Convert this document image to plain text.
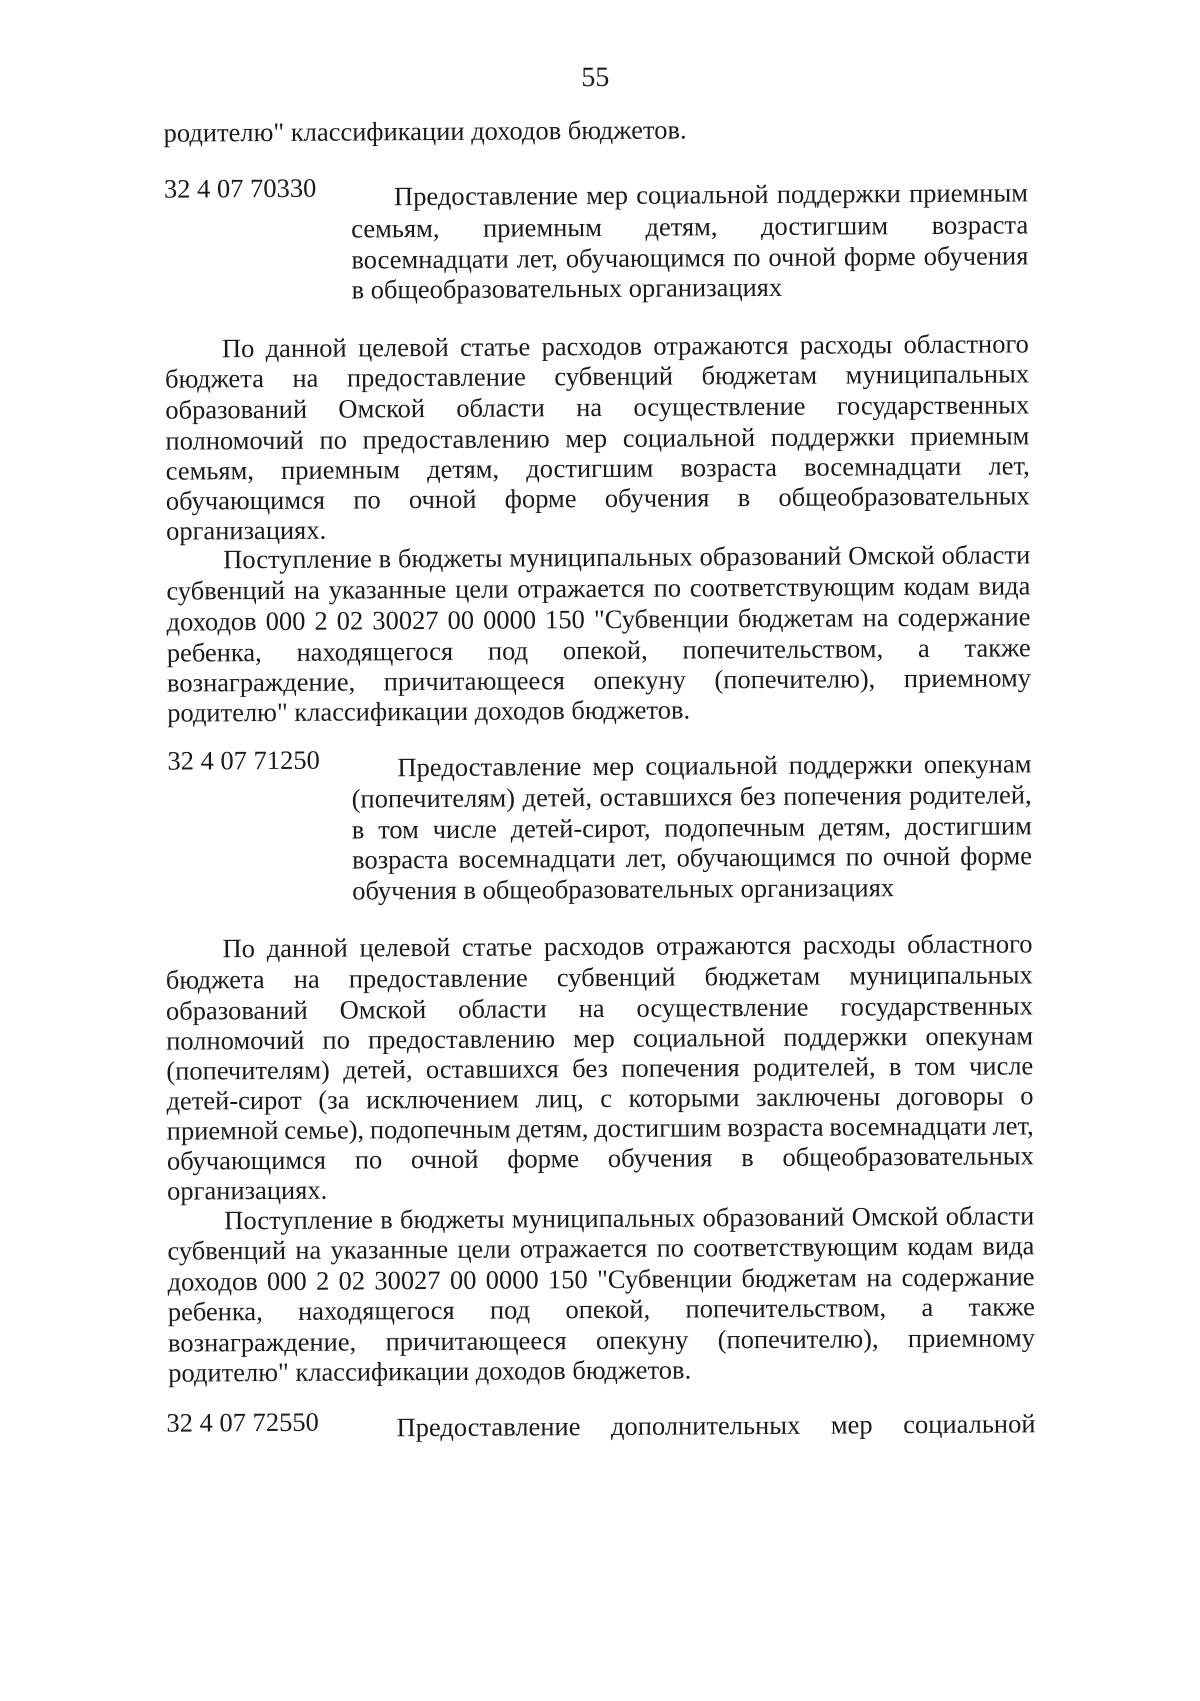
55
родителю" классификации доходов бюджетов.
32 4 07 70330	Предоставление мер социальной поддержки приемным
семьям, приемным детям, достигшим возраста
восемнадцати лет, обучающимся по очной форме обучения
в общеобразовательных организациях
По данной целевой статье расходов отражаются расходы областного
бюджета на предоставление субвенций бюджетам муниципальных
образований Омской области на осуществление государственных
полномочий по предоставлению мер социальной поддержки приемным
семьям, приемным детям, достигшим возраста восемнадцати лет,
обучающимся по очной форме обучения в общеобразовательных
организациях.
Поступление в бюджеты муниципальных образований Омской области
субвенций на указанные цели отражается по соответствующим кодам вида
доходов 000 2 02 30027 00 0000 150 "Субвенции бюджетам на содержание
ребенка, находящегося под опекой, попечительством, а также
вознаграждение, причитающееся опекуну (попечителю), приемному
родителю" классификации доходов бюджетов.
32 4 07 71250	Предоставление мер социальной поддержки опекунам
(попечителям) детей, оставшихся без попечения родителей,
в том числе детей-сирот, подопечным детям, достигшим
возраста восемнадцати лет, обучающимся по очной форме
обучения в общеобразовательных организациях
По данной целевой статье расходов отражаются расходы областного
бюджета на предоставление субвенций бюджетам муниципальных
образований Омской области на осуществление государственных
полномочий по предоставлению мер социальной поддержки опекунам
(попечителям) детей, оставшихся без попечения родителей, в том числе
детей-сирот (за исключением лиц, с которыми заключены договоры о
приемной семье), подопечным детям, достигшим возраста восемнадцати лет,
обучающимся по очной форме обучения в общеобразовательных
организациях.
Поступление в бюджеты муниципальных образований Омской области
субвенций на указанные цели отражается по соответствующим кодам вида
доходов 000 2 02 30027 00 0000 150 "Субвенции бюджетам на содержание
ребенка, находящегося под опекой, попечительством, а также
вознаграждение, причитающееся опекуну (попечителю), приемному
родителю" классификации доходов бюджетов.
32 4 07 72550	Предоставление дополнительных мер социальной
